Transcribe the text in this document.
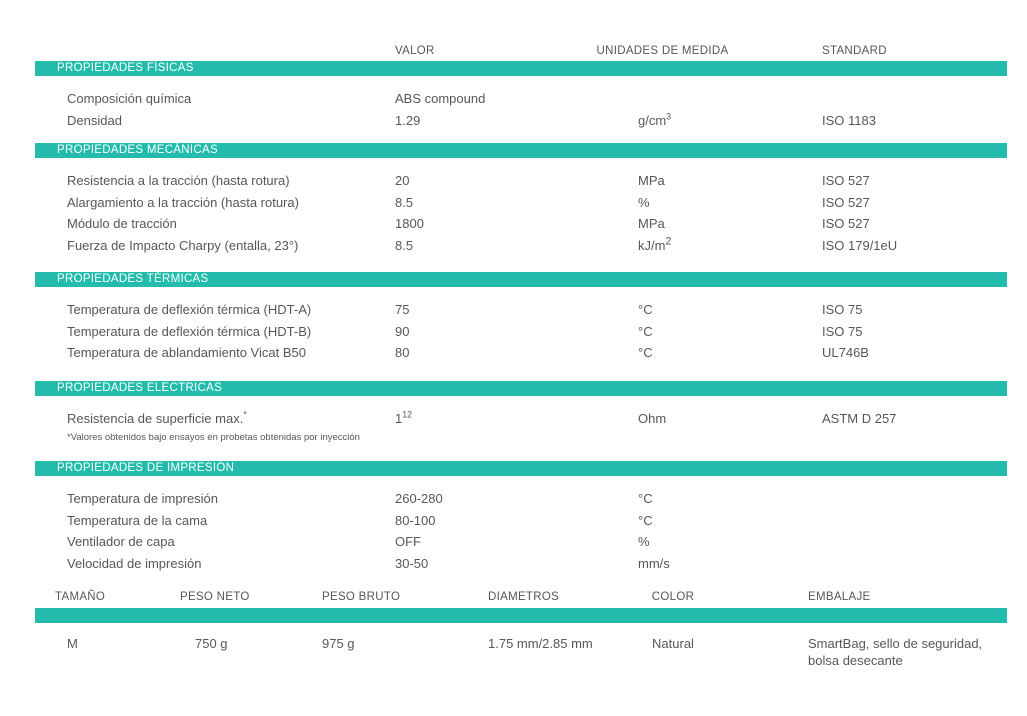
VALOR	UNIDADES DE MEDIDA	STANDARD
PROPIEDADES FÍSICAS
Composición química	ABS compound
Densidad	1.29	$g/cm^3$	ISO 1183
PROPIEDADES MECÁNICAS
Resistencia a la tracción (hasta rotura)	20	MPa	ISO 527
Alargamiento a la tracción (hasta rotura)	8.5	%	ISO 527
Módulo de tracción	1800	MPa	ISO 527
Fuerza de Impacto Charpy (entalla, 23°)	8.5	$kJ/m^2$	ISO 179/1eU
PROPIEDADES TÉRMICAS
Temperatura de deflexión térmica (HDT-A)	75	°C	ISO 75
Temperatura de deflexión térmica (HDT-B)	90	°C	ISO 75
Temperatura de ablandamiento Vicat B50	80	°C	UL746B
PROPIEDADES ELECTRICAS
Resistencia de superficie max.*	$1^{12}$	Ohm	ASTM D 257
*Valores obtenidos bajo ensayos en probetas obtenidas por inyección
PROPIEDADES DE IMPRESIÓN
Temperatura de impresión	260-280	°C
Temperatura de la cama	80-100	°C
Ventilador de capa	OFF	%
Velocidad de impresión	30-50	mm/s
TAMAÑO	PESO NETO	PESO BRUTO	DIAMETROS	COLOR	EMBALAJE
M	750 g	975 g	1.75 mm/2.85 mm	Natural	SmartBag, sello de seguridad, bolsa desecante
